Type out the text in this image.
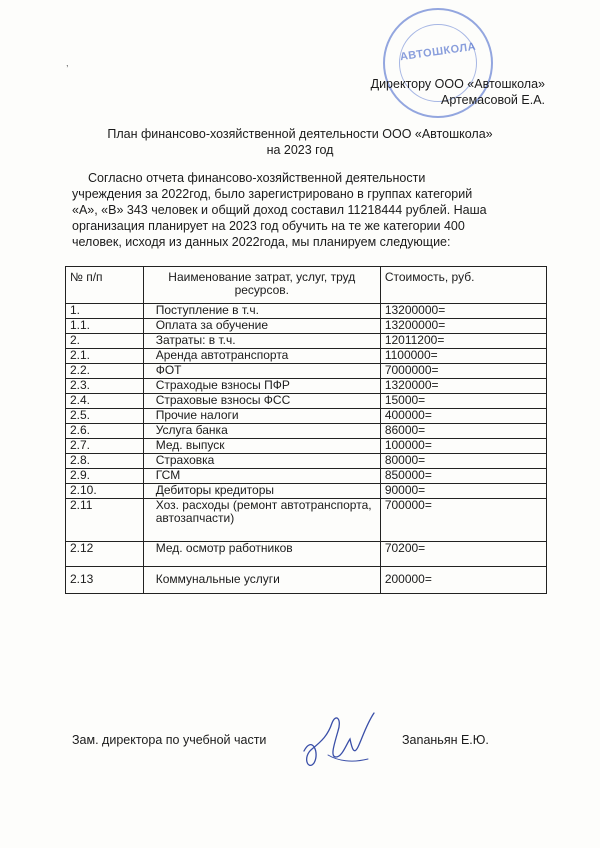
,	АВТОШКОЛА
Директору ООО «Автошкола»
Артемасовой Е.А.
План финансово-хозяйственной деятельности ООО «Автошкола»
на 2023 год
Согласно отчета финансово-хозяйственной деятельности
учреждения за 2022год, было зарегистрировано в группах категорий
«А», «В» 343 человек и общий доход составил 11218444 рублей. Наша
организация планирует на 2023 год обучить на те же категории 400
человек, исходя из данных 2022года, мы планируем следующие:
№ п/п	Наименование затрат, услуг, труд ресурсов.	Стоимость, руб.
1.	Поступление в т.ч.	13200000=
1.1.	Оплата за обучение	13200000=
2.	Затраты: в т.ч.	12011200=
2.1.	Аренда автотранспорта	1100000=
2.2.	ФОТ	7000000=
2.3.	Страходые взносы ПФР	1320000=
2.4.	Страховые взносы ФСС	15000=
2.5.	Прочие налоги	400000=
2.6.	Услуга банка	86000=
2.7.	Мед. выпуск	100000=
2.8.	Страховка	80000=
2.9.	ГСМ	850000=
2.10.	Дебиторы кредиторы	90000=
2.11	Хоз. расходы (ремонт автотранспорта, автозапчасти)	700000=
2.12	Мед. осмотр работников	70200=
2.13	Коммунальные услуги	200000=
Зам. директора по учебной части	Заnаньян Е.Ю.
